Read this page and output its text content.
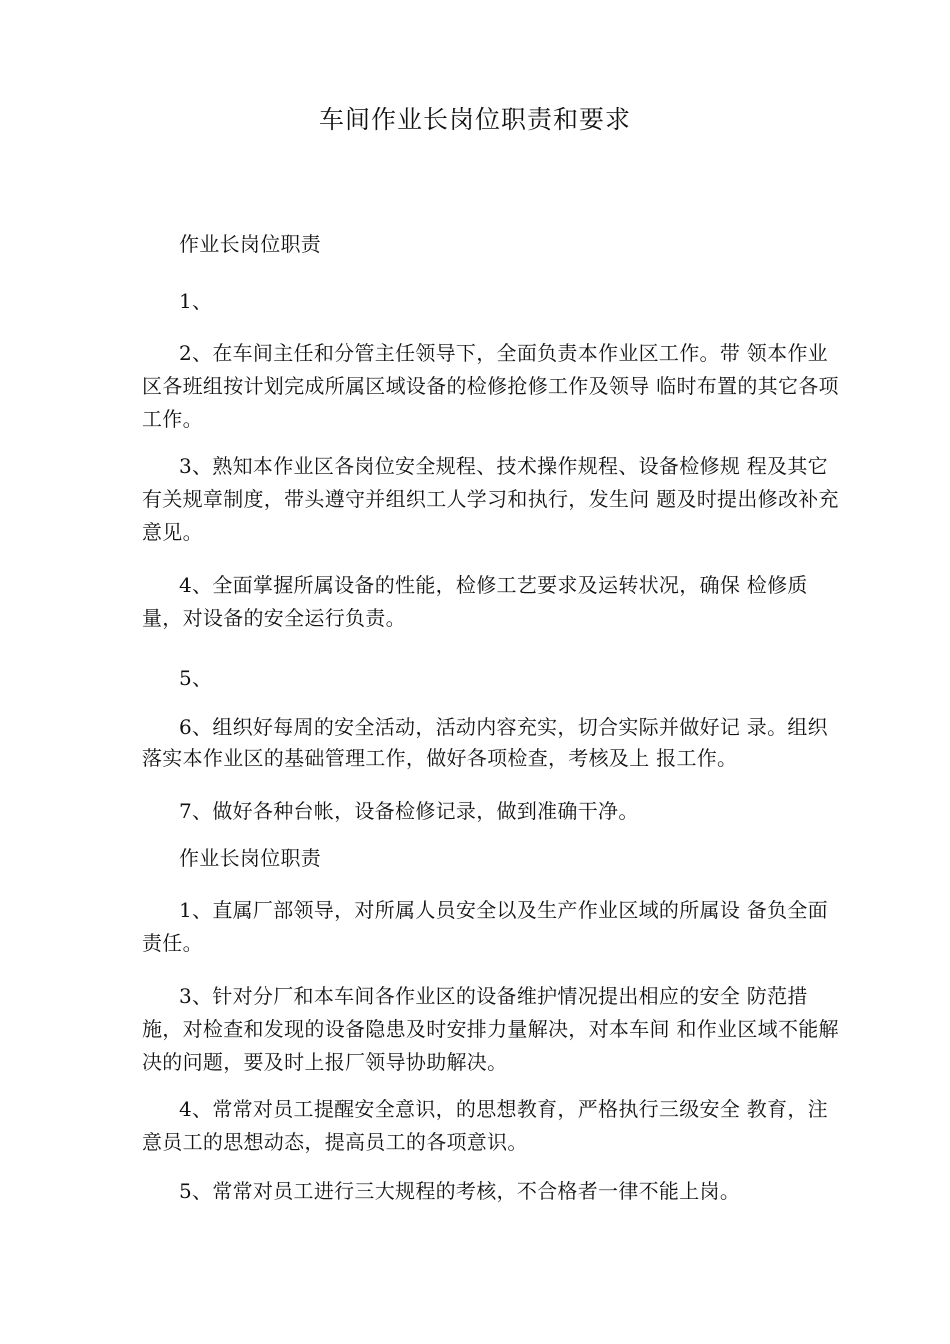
车间作业长岗位职责和要求
作业长岗位职责
1、
2、在车间主任和分管主任领导下，全面负责本作业区工作。带 领本作业区各班组按计划完成所属区域设备的检修抢修工作及领导 临时布置的其它各项工作。
3、熟知本作业区各岗位安全规程、技术操作规程、设备检修规 程及其它有关规章制度，带头遵守并组织工人学习和执行，发生问 题及时提出修改补充意见。
4、全面掌握所属设备的性能，检修工艺要求及运转状况，确保 检修质量，对设备的安全运行负责。
5、
6、组织好每周的安全活动，活动内容充实，切合实际并做好记 录。组织落实本作业区的基础管理工作，做好各项检查，考核及上 报工作。
7、做好各种台帐，设备检修记录，做到准确干净。
作业长岗位职责
1、直属厂部领导，对所属人员安全以及生产作业区域的所属设 备负全面责任。
3、针对分厂和本车间各作业区的设备维护情况提出相应的安全 防范措施，对检查和发现的设备隐患及时安排力量解决，对本车间 和作业区域不能解决的问题，要及时上报厂领导协助解决。
4、常常对员工提醒安全意识，的思想教育，严格执行三级安全 教育，注意员工的思想动态，提高员工的各项意识。
5、常常对员工进行三大规程的考核，不合格者一律不能上岗。
